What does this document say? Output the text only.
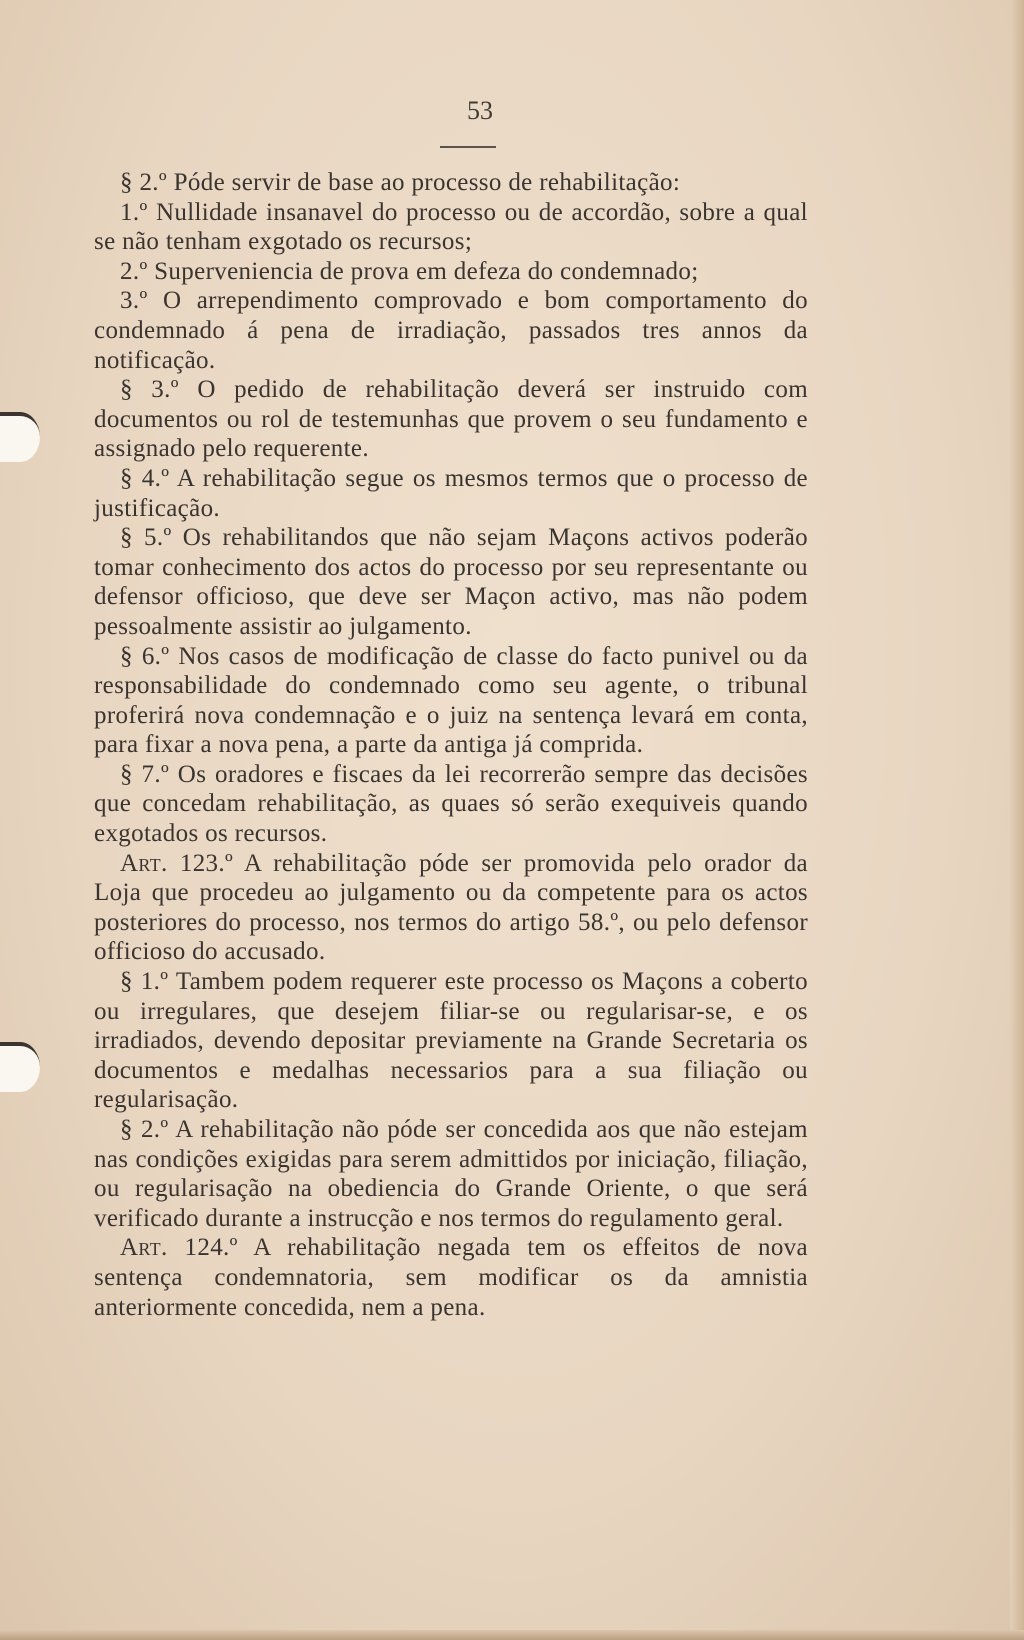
53

§ 2.º Póde servir de base ao processo de rehabilitação:

1.º Nullidade insanavel do processo ou de accordão, sobre a qual se não tenham exgotado os recursos;

2.º Superveniencia de prova em defeza do condemnado;

3.º O arrependimento comprovado e bom comportamento do condemnado á pena de irradiação, passados tres annos da notificação.

§ 3.º O pedido de rehabilitação deverá ser instruido com documentos ou rol de testemunhas que provem o seu fundamento e assignado pelo requerente.

§ 4.º A rehabilitação segue os mesmos termos que o processo de justificação.

§ 5.º Os rehabilitandos que não sejam Maçons activos poderão tomar conhecimento dos actos do processo por seu representante ou defensor officioso, que deve ser Maçon activo, mas não podem pessoalmente assistir ao julgamento.

§ 6.º Nos casos de modificação de classe do facto punivel ou da responsabilidade do condemnado como seu agente, o tribunal proferirá nova condemnação e o juiz na sentença levará em conta, para fixar a nova pena, a parte da antiga já comprida.

§ 7.º Os oradores e fiscaes da lei recorrerão sempre das decisões que concedam rehabilitação, as quaes só serão exequiveis quando exgotados os recursos.

Art. 123.º A rehabilitação póde ser promovida pelo orador da Loja que procedeu ao julgamento ou da competente para os actos posteriores do processo, nos termos do artigo 58.º, ou pelo defensor officioso do accusado.

§ 1.º Tambem podem requerer este processo os Maçons a coberto ou irregulares, que desejem filiar-se ou regularisar-se, e os irradiados, devendo depositar previamente na Grande Secretaria os documentos e medalhas necessarios para a sua filiação ou regularisação.

§ 2.º A rehabilitação não póde ser concedida aos que não estejam nas condições exigidas para serem admittidos por iniciação, filiação, ou regularisação na obediencia do Grande Oriente, o que será verificado durante a instrucção e nos termos do regulamento geral.

Art. 124.º A rehabilitação negada tem os effeitos de nova sentença condemnatoria, sem modificar os da amnistia anteriormente concedida, nem a pena.
